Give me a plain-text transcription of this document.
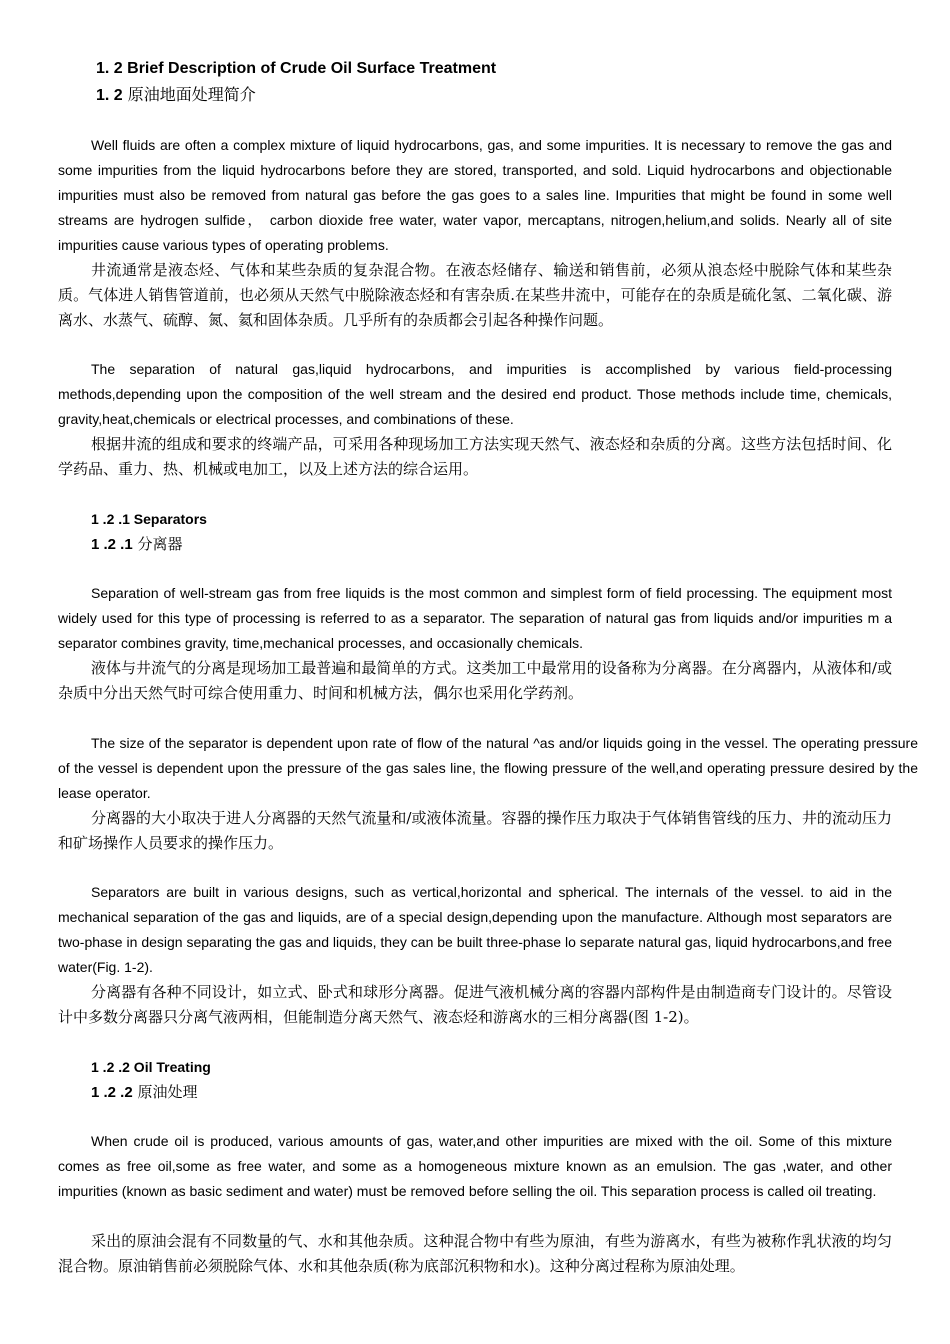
1. 2 Brief Description of Crude Oil Surface Treatment
1. 2 原油地面处理简介

Well fluids are often a complex mixture of liquid hydrocarbons, gas, and some impurities. It is necessary to remove the gas and some impurities from the liquid hydrocarbons before they are stored, transported, and sold. Liquid hydrocarbons and objectionable impurities must also be removed from natural gas before the gas goes to a sales line. Impurities that might be found in some well streams are hydrogen sulfide， carbon dioxide free water, water vapor, mercaptans, nitrogen,helium,and solids. Nearly all of site impurities cause various types of operating problems.

井流通常是液态烃、气体和某些杂质的复杂混合物。在液态烃储存、输送和销售前，必须从浪态烃中脱除气体和某些杂质。气体进人销售管道前，也必须从天然气中脱除液态烃和有害杂质.在某些井流中，可能存在的杂质是硫化氢、二氧化碳、游离水、水蒸气、硫醇、氮、氦和固体杂质。几乎所有的杂质都会引起各种操作问题。

The separation of natural gas,liquid hydrocarbons, and impurities is accomplished by various field-processing methods,depending upon the composition of the well stream and the desired end product. Those methods include time, chemicals, gravity,heat,chemicals or electrical processes, and combinations of these.

根据井流的组成和要求的终端产品，可采用各种现场加工方法实现天然气、液态烃和杂质的分离。这些方法包括时间、化学药品、重力、热、机械或电加工，以及上述方法的综合运用。

1 .2 .1 Separators
1 .2 .1 分离器

Separation of well-stream gas from free liquids is the most common and simplest form of field processing. The equipment most widely used for this type of processing is referred to as a separator. The separation of natural gas from liquids and/or impurities m a separator combines gravity, time,mechanical processes, and occasionally chemicals.

液体与井流气的分离是现场加工最普遍和最简单的方式。这类加工中最常用的设备称为分离器。在分离器内，从液体和/或杂质中分出天然气时可综合使用重力、时间和机械方法，偶尔也采用化学药剂。

The size of the separator is dependent upon rate of flow of the natural ^as and/or liquids going in the vessel. The operating pressure of the vessel is dependent upon the pressure of the gas sales line, the flowing pressure of the well,and operating pressure desired by the lease operator.

分离器的大小取决于进人分离器的天然气流量和/或液体流量。容器的操作压力取决于气体销售管线的压力、井的流动压力和矿场操作人员要求的操作压力。

Separators are built in various designs, such as vertical,horizontal and spherical. The internals of the vessel. to aid in the mechanical separation of the gas and liquids, are of a special design,depending upon the manufacture. Although most separators are two-phase in design separating the gas and liquids, they can be built three-phase lo separate natural gas, liquid hydrocarbons,and free water(Fig. 1-2).

分离器有各种不同设计，如立式、卧式和球形分离器。促进气液机械分离的容器内部构件是由制造商专门设计的。尽管设计中多数分离器只分离气液两相，但能制造分离天然气、液态烃和游离水的三相分离器(图 1-2)。

1 .2 .2 Oil Treating
1 .2 .2 原油处理

When crude oil is produced, various amounts of gas, water,and other impurities are mixed with the oil. Some of this mixture comes as free oil,some as free water, and some as a homogeneous mixture known as an emulsion. The gas ,water, and other impurities (known as basic sediment and water) must be removed before selling the oil. This separation process is called oil treating.

采出的原油会混有不同数量的气、水和其他杂质。这种混合物中有些为原油，有些为游离水，有些为被称作乳状液的均匀混合物。原油销售前必须脱除气体、水和其他杂质(称为底部沉积物和水)。这种分离过程称为原油处理。
